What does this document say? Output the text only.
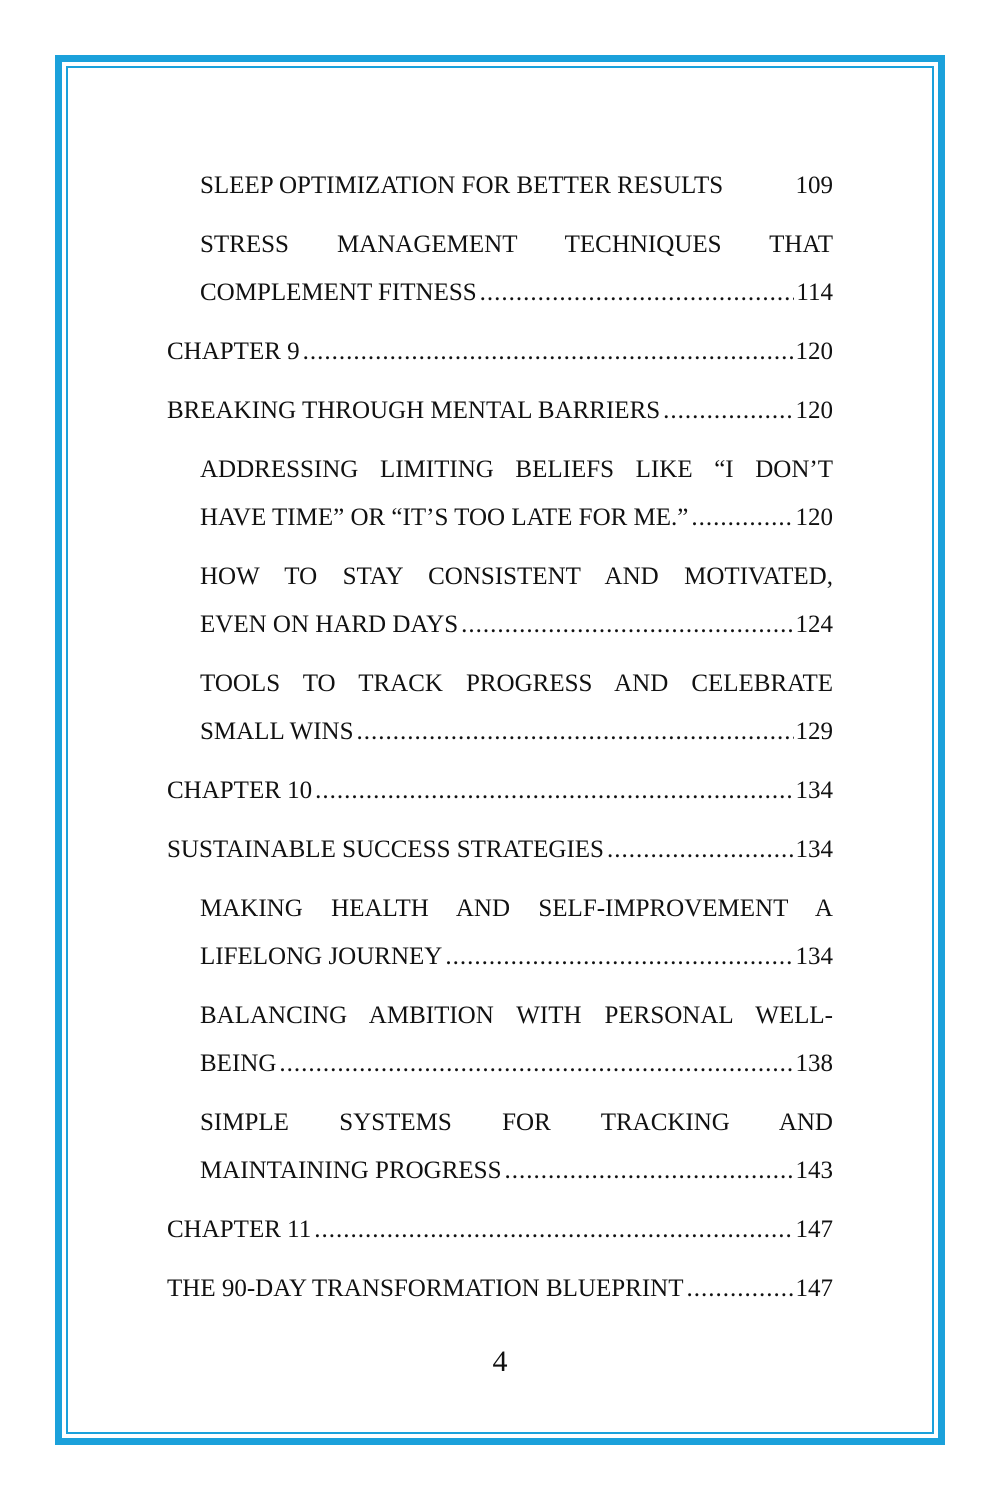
SLEEP OPTIMIZATION FOR BETTER RESULTS	109
STRESS MANAGEMENT TECHNIQUES THAT
COMPLEMENT FITNESS .....	114
CHAPTER 9 .....	120
BREAKING THROUGH MENTAL BARRIERS .....	120
ADDRESSING LIMITING BELIEFS LIKE “I DON’T
HAVE TIME” OR “IT’S TOO LATE FOR ME.” .....	120
HOW TO STAY CONSISTENT AND MOTIVATED,
EVEN ON HARD DAYS .....	124
TOOLS TO TRACK PROGRESS AND CELEBRATE
SMALL WINS .....	129
CHAPTER 10 .....	134
SUSTAINABLE SUCCESS STRATEGIES .....	134
MAKING HEALTH AND SELF-IMPROVEMENT A
LIFELONG JOURNEY .....	134
BALANCING AMBITION WITH PERSONAL WELL-
BEING .....	138
SIMPLE SYSTEMS FOR TRACKING AND
MAINTAINING PROGRESS .....	143
CHAPTER 11 .....	147
THE 90-DAY TRANSFORMATION BLUEPRINT .....	147
4
